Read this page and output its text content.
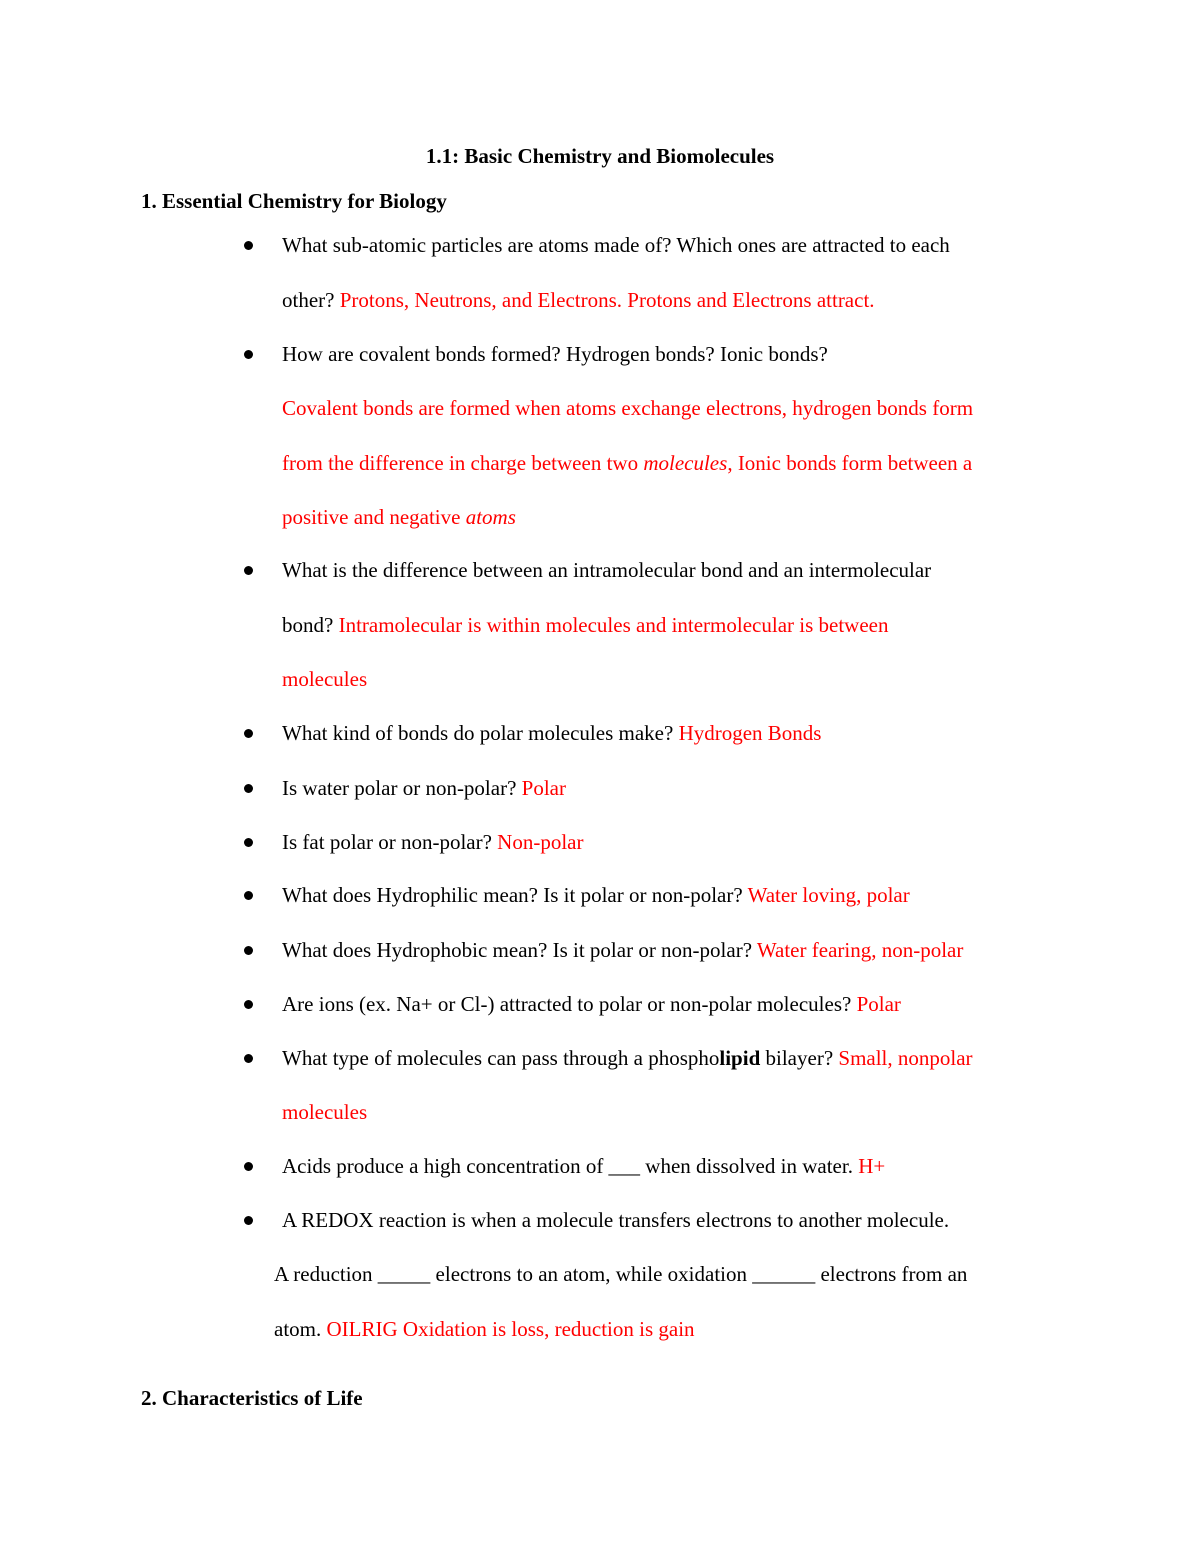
1.1: Basic Chemistry and Biomolecules
1. Essential Chemistry for Biology
What sub-atomic particles are atoms made of? Which ones are attracted to each
other? Protons, Neutrons, and Electrons. Protons and Electrons attract.
How are covalent bonds formed? Hydrogen bonds? Ionic bonds?
Covalent bonds are formed when atoms exchange electrons, hydrogen bonds form
from the difference in charge between two molecules, Ionic bonds form between a
positive and negative atoms
What is the difference between an intramolecular bond and an intermolecular
bond? Intramolecular is within molecules and intermolecular is between
molecules
What kind of bonds do polar molecules make? Hydrogen Bonds
Is water polar or non-polar? Polar
Is fat polar or non-polar? Non-polar
What does Hydrophilic mean? Is it polar or non-polar? Water loving, polar
What does Hydrophobic mean? Is it polar or non-polar? Water fearing, non-polar
Are ions (ex. Na+ or Cl-) attracted to polar or non-polar molecules? Polar
What type of molecules can pass through a phospholipid bilayer? Small, nonpolar
molecules
Acids produce a high concentration of ___ when dissolved in water. H+
A REDOX reaction is when a molecule transfers electrons to another molecule.
A reduction _____ electrons to an atom, while oxidation ______ electrons from an
atom. OILRIG Oxidation is loss, reduction is gain
2. Characteristics of Life
